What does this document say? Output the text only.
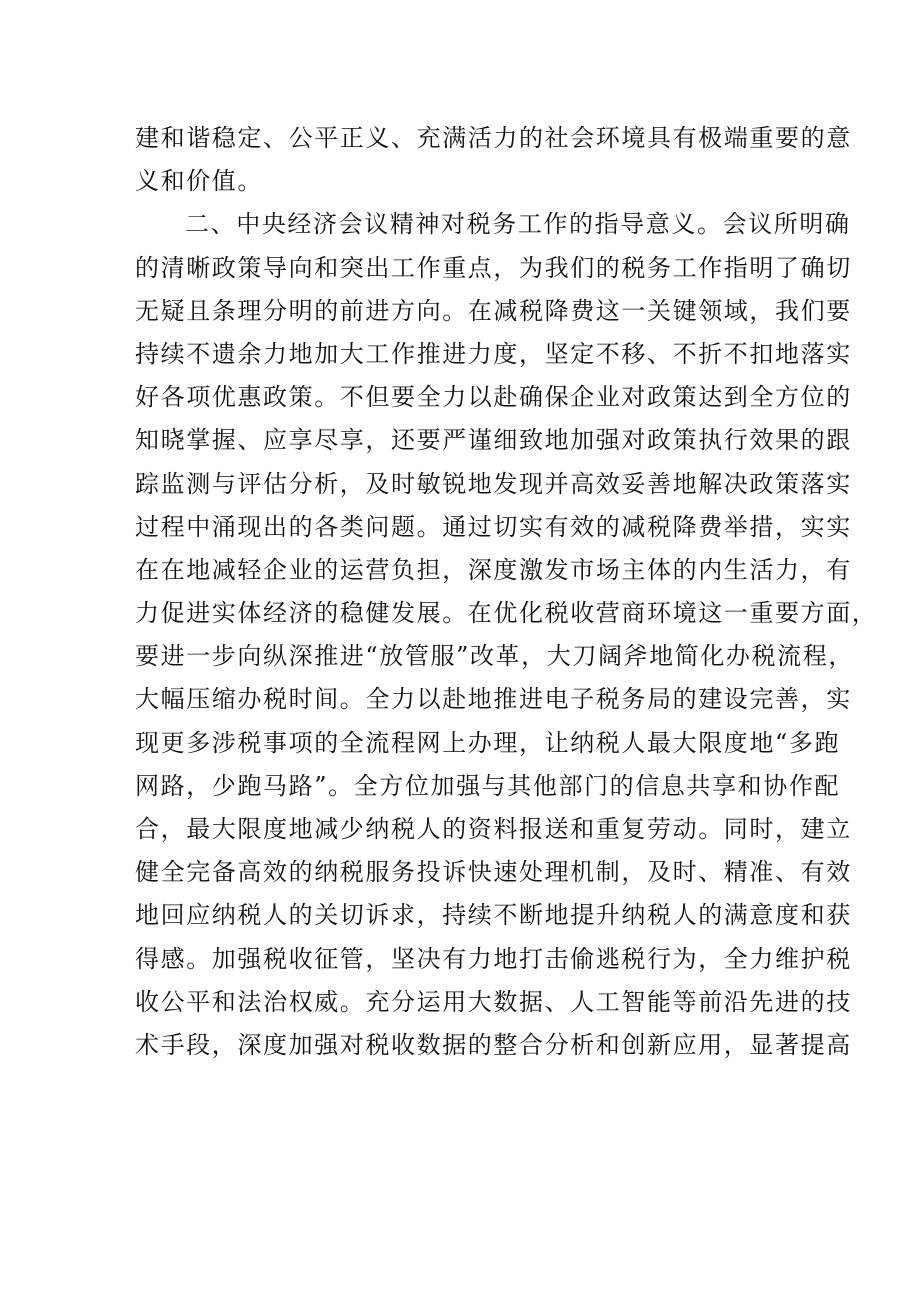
建和谐稳定、公平正义、充满活力的社会环境具有极端重要的意
义和价值。
二、中央经济会议精神对税务工作的指导意义。会议所明确
的清晰政策导向和突出工作重点，为我们的税务工作指明了确切
无疑且条理分明的前进方向。在减税降费这一关键领域，我们要
持续不遗余力地加大工作推进力度，坚定不移、不折不扣地落实
好各项优惠政策。不但要全力以赴确保企业对政策达到全方位的
知晓掌握、应享尽享，还要严谨细致地加强对政策执行效果的跟
踪监测与评估分析，及时敏锐地发现并高效妥善地解决政策落实
过程中涌现出的各类问题。通过切实有效的减税降费举措，实实
在在地减轻企业的运营负担，深度激发市场主体的内生活力，有
力促进实体经济的稳健发展。在优化税收营商环境这一重要方面，
要进一步向纵深推进“放管服”改革，大刀阔斧地简化办税流程，
大幅压缩办税时间。全力以赴地推进电子税务局的建设完善，实
现更多涉税事项的全流程网上办理，让纳税人最大限度地“多跑
网路，少跑马路”。全方位加强与其他部门的信息共享和协作配
合，最大限度地减少纳税人的资料报送和重复劳动。同时，建立
健全完备高效的纳税服务投诉快速处理机制，及时、精准、有效
地回应纳税人的关切诉求，持续不断地提升纳税人的满意度和获
得感。加强税收征管，坚决有力地打击偷逃税行为，全力维护税
收公平和法治权威。充分运用大数据、人工智能等前沿先进的技
术手段，深度加强对税收数据的整合分析和创新应用，显著提高
